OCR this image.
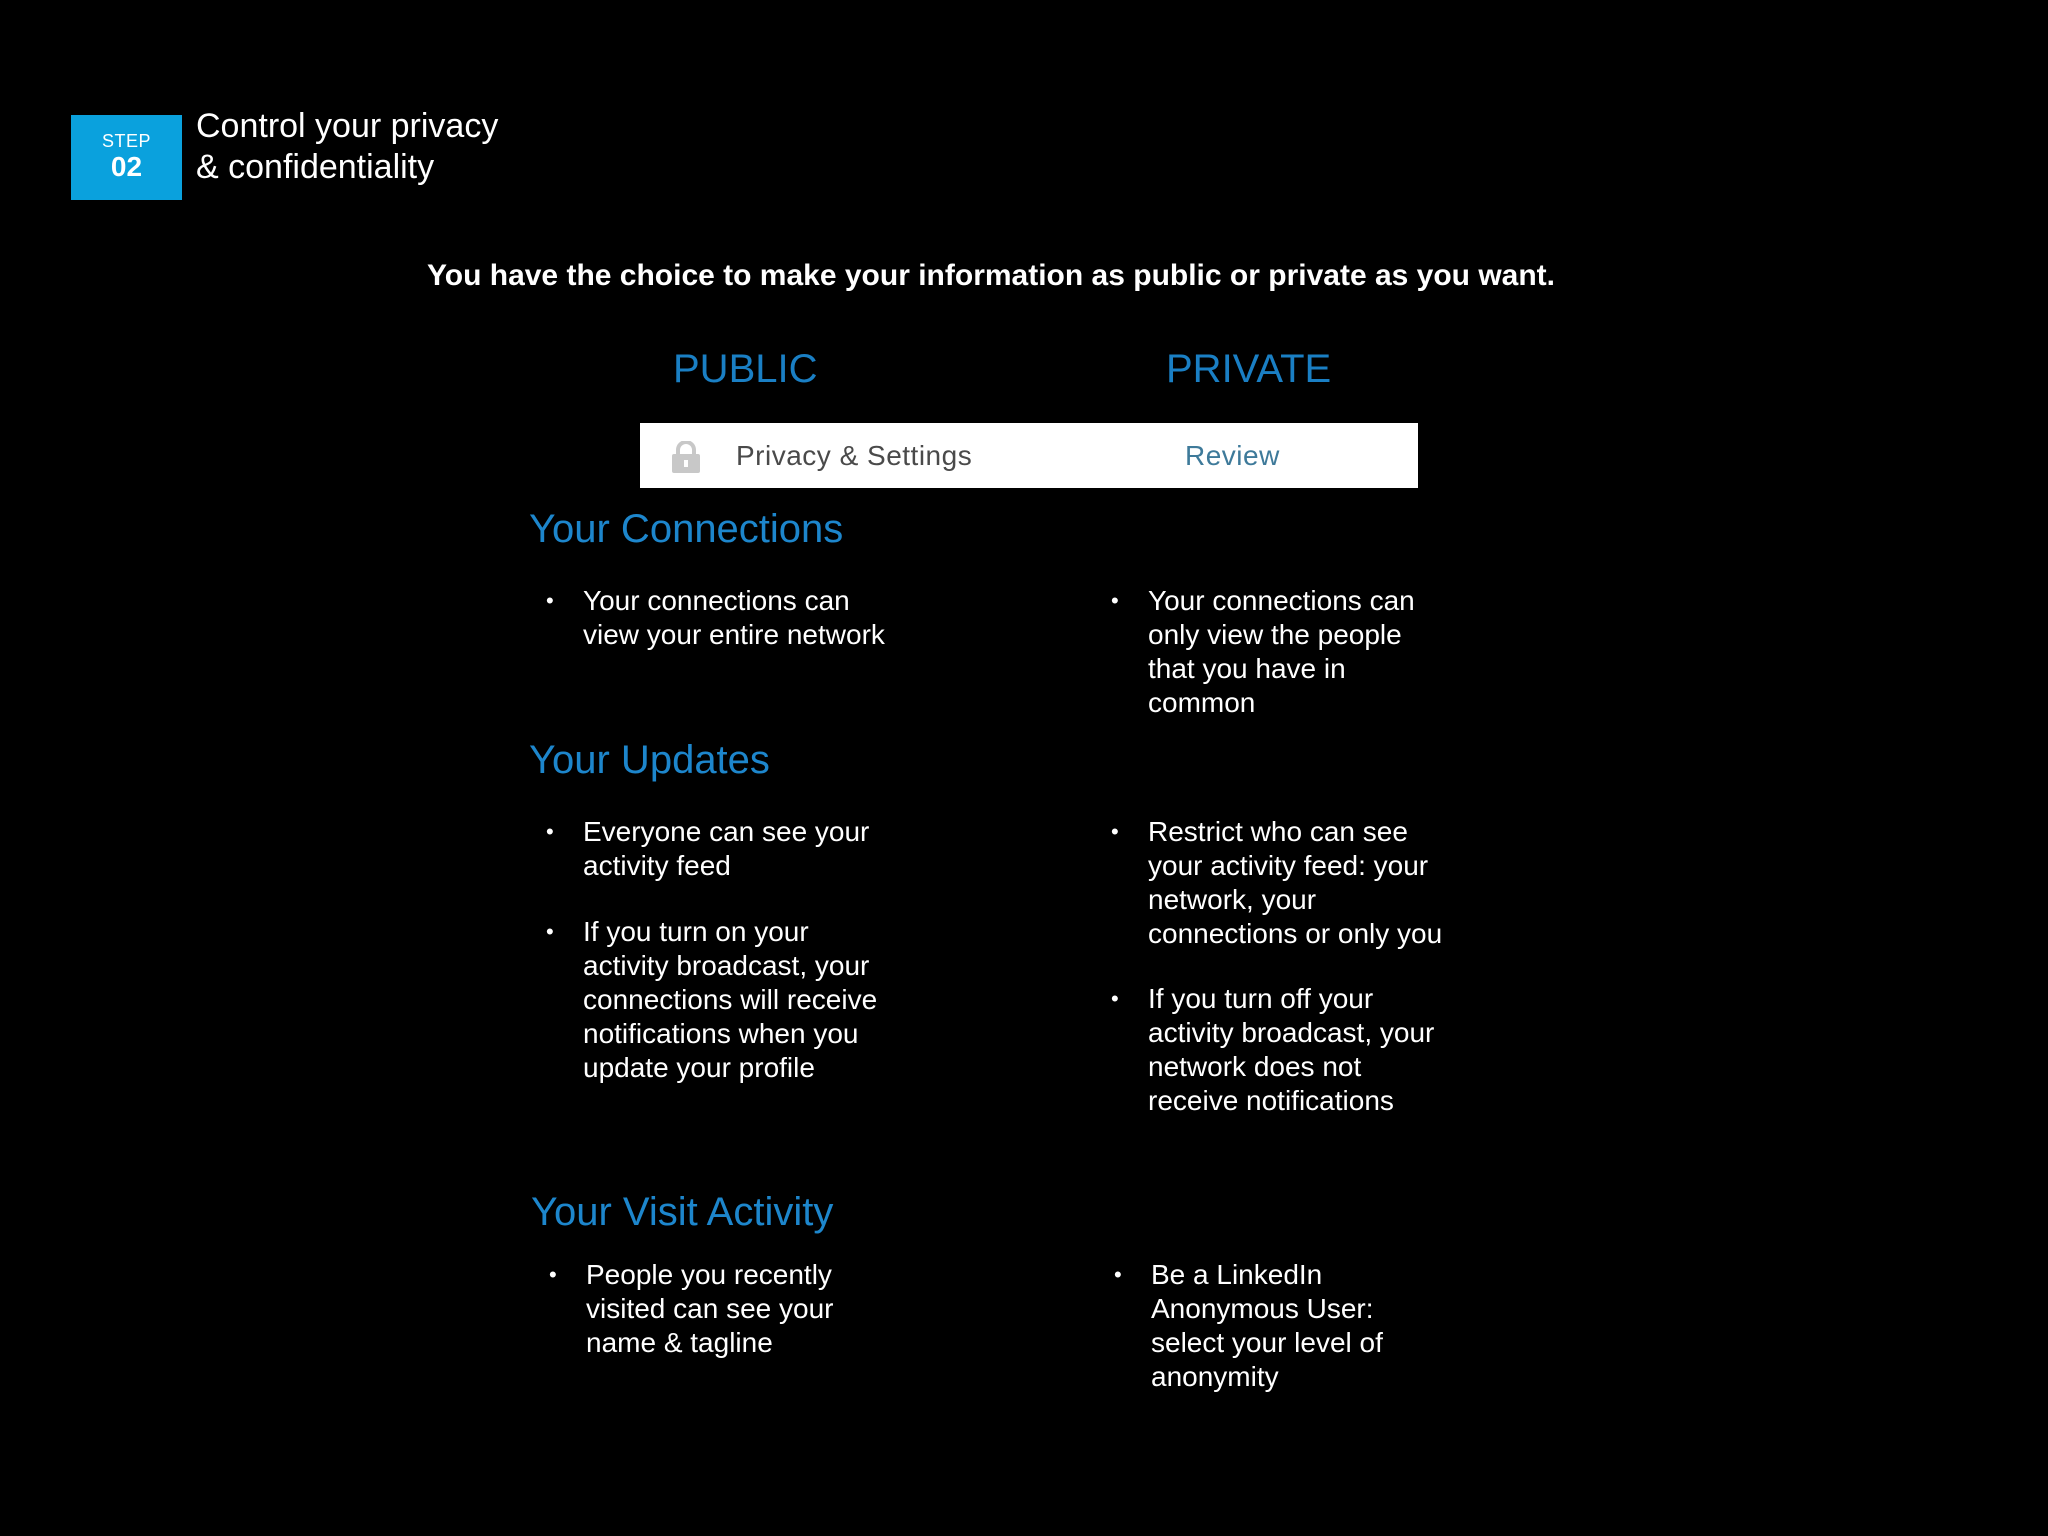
STEP
02
Control your privacy
& confidentiality
You have the choice to make your information as public or private as you want.
PUBLIC	PRIVATE
Privacy & Settings	Review
Your Connections
• Your connections can
view your entire network
• Your connections can
only view the people
that you have in
common
Your Updates
• Everyone can see your
activity feed
• If you turn on your
activity broadcast, your
connections will receive
notifications when you
update your profile
• Restrict who can see
your activity feed: your
network, your
connections or only you
• If you turn off your
activity broadcast, your
network does not
receive notifications
Your Visit Activity
• People you recently
visited can see your
name & tagline
• Be a LinkedIn
Anonymous User:
select your level of
anonymity
